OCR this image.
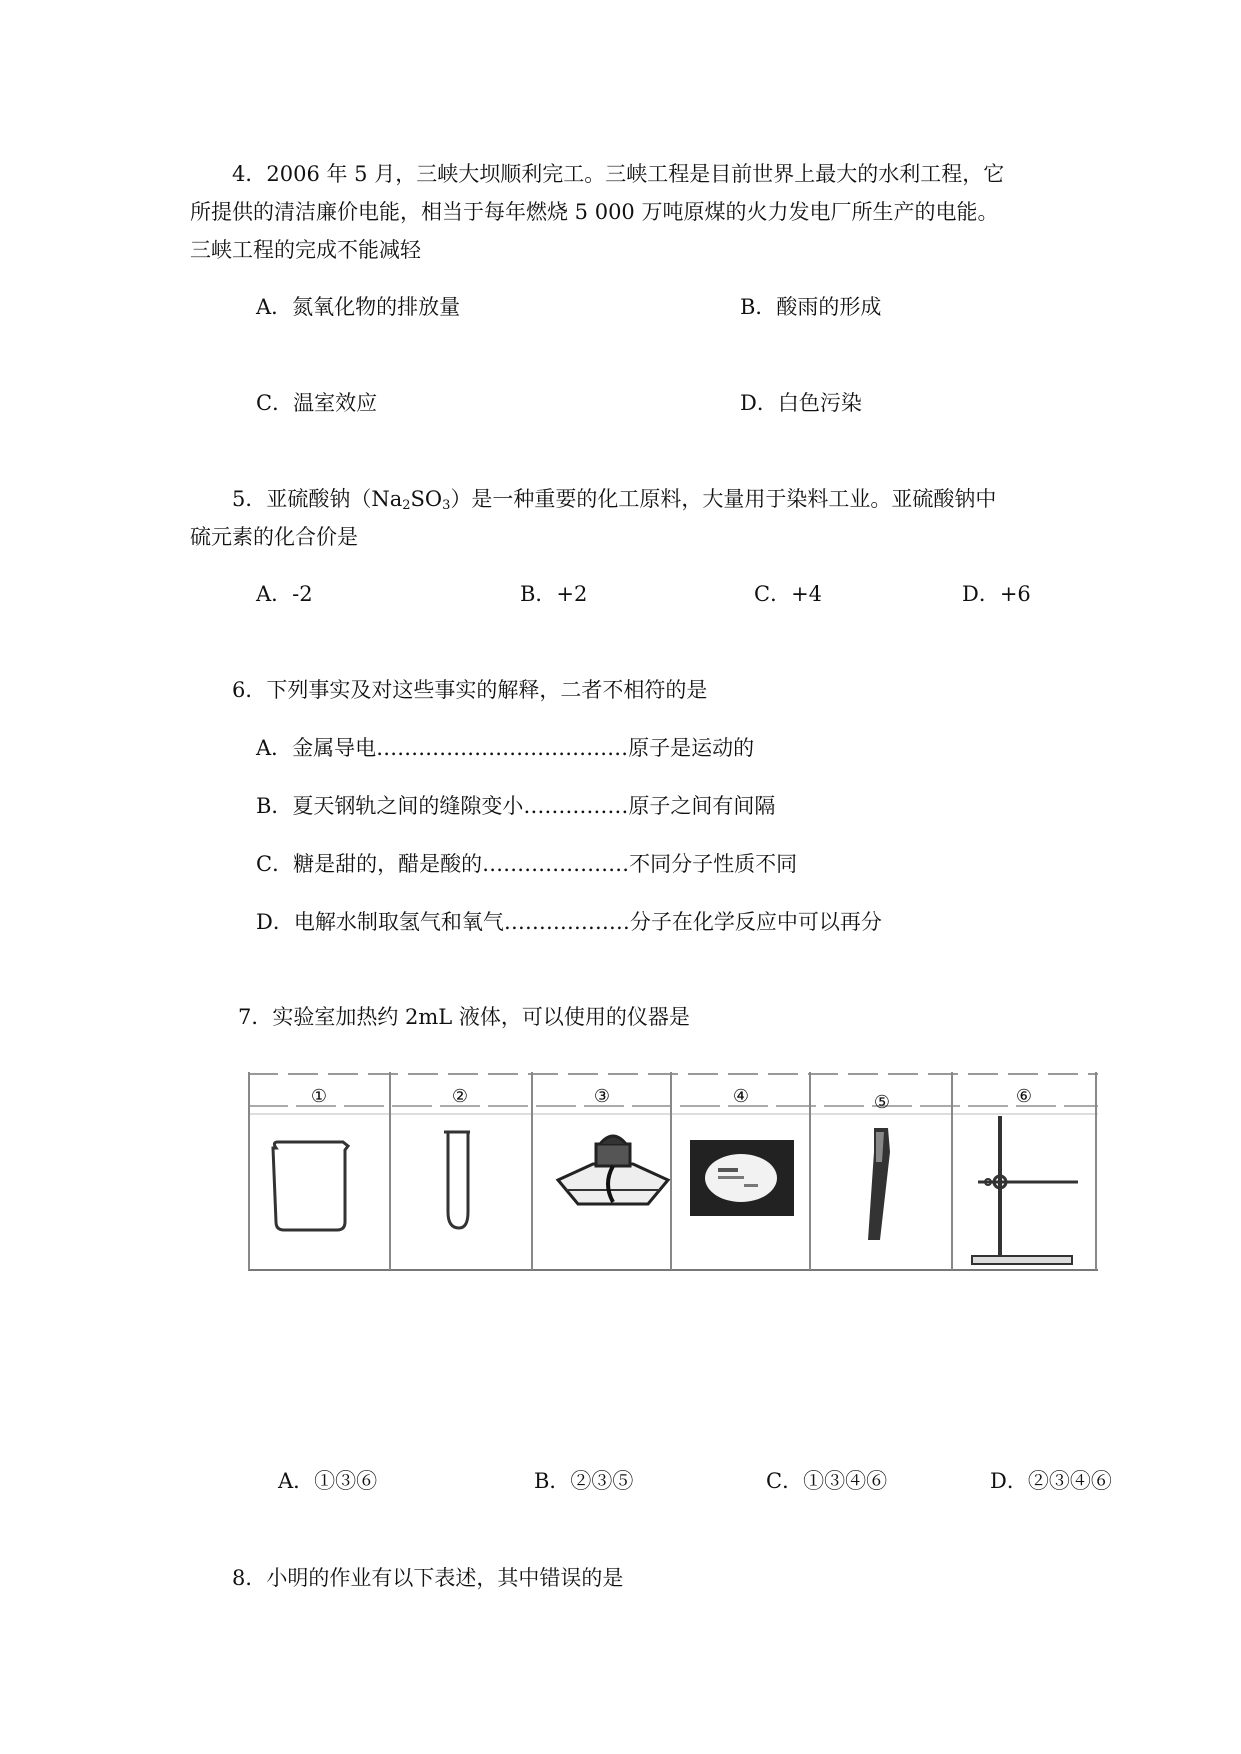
4．2006 年 5 月，三峡大坝顺利完工。三峡工程是目前世界上最大的水利工程，它
所提供的清洁廉价电能，相当于每年燃烧 5 000 万吨原煤的火力发电厂所生产的电能。
三峡工程的完成不能减轻
A．氮氧化物的排放量	B．酸雨的形成
C．温室效应	D．白色污染
5．亚硫酸钠$(Na_2SO_3)$是一种重要的化工原料，大量用于染料工业。亚硫酸钠中
硫元素的化合价是
A．-2	B．+2	C．+4	D．+6
6．下列事实及对这些事实的解释，二者不相符的是
A．金属导电………………………………原子是运动的
B．夏天钢轨之间的缝隙变小……………原子之间有间隔
C．糖是甜的，醋是酸的…………………不同分子性质不同
D．电解水制取氢气和氧气………………分子在化学反应中可以再分
7．实验室加热约 2mL 液体，可以使用的仪器是
①	②	③	④	⑤	⑥
A．①③⑥	B．②③⑤	C．①③④⑥	D．②③④⑥
8．小明的作业有以下表述，其中错误的是
